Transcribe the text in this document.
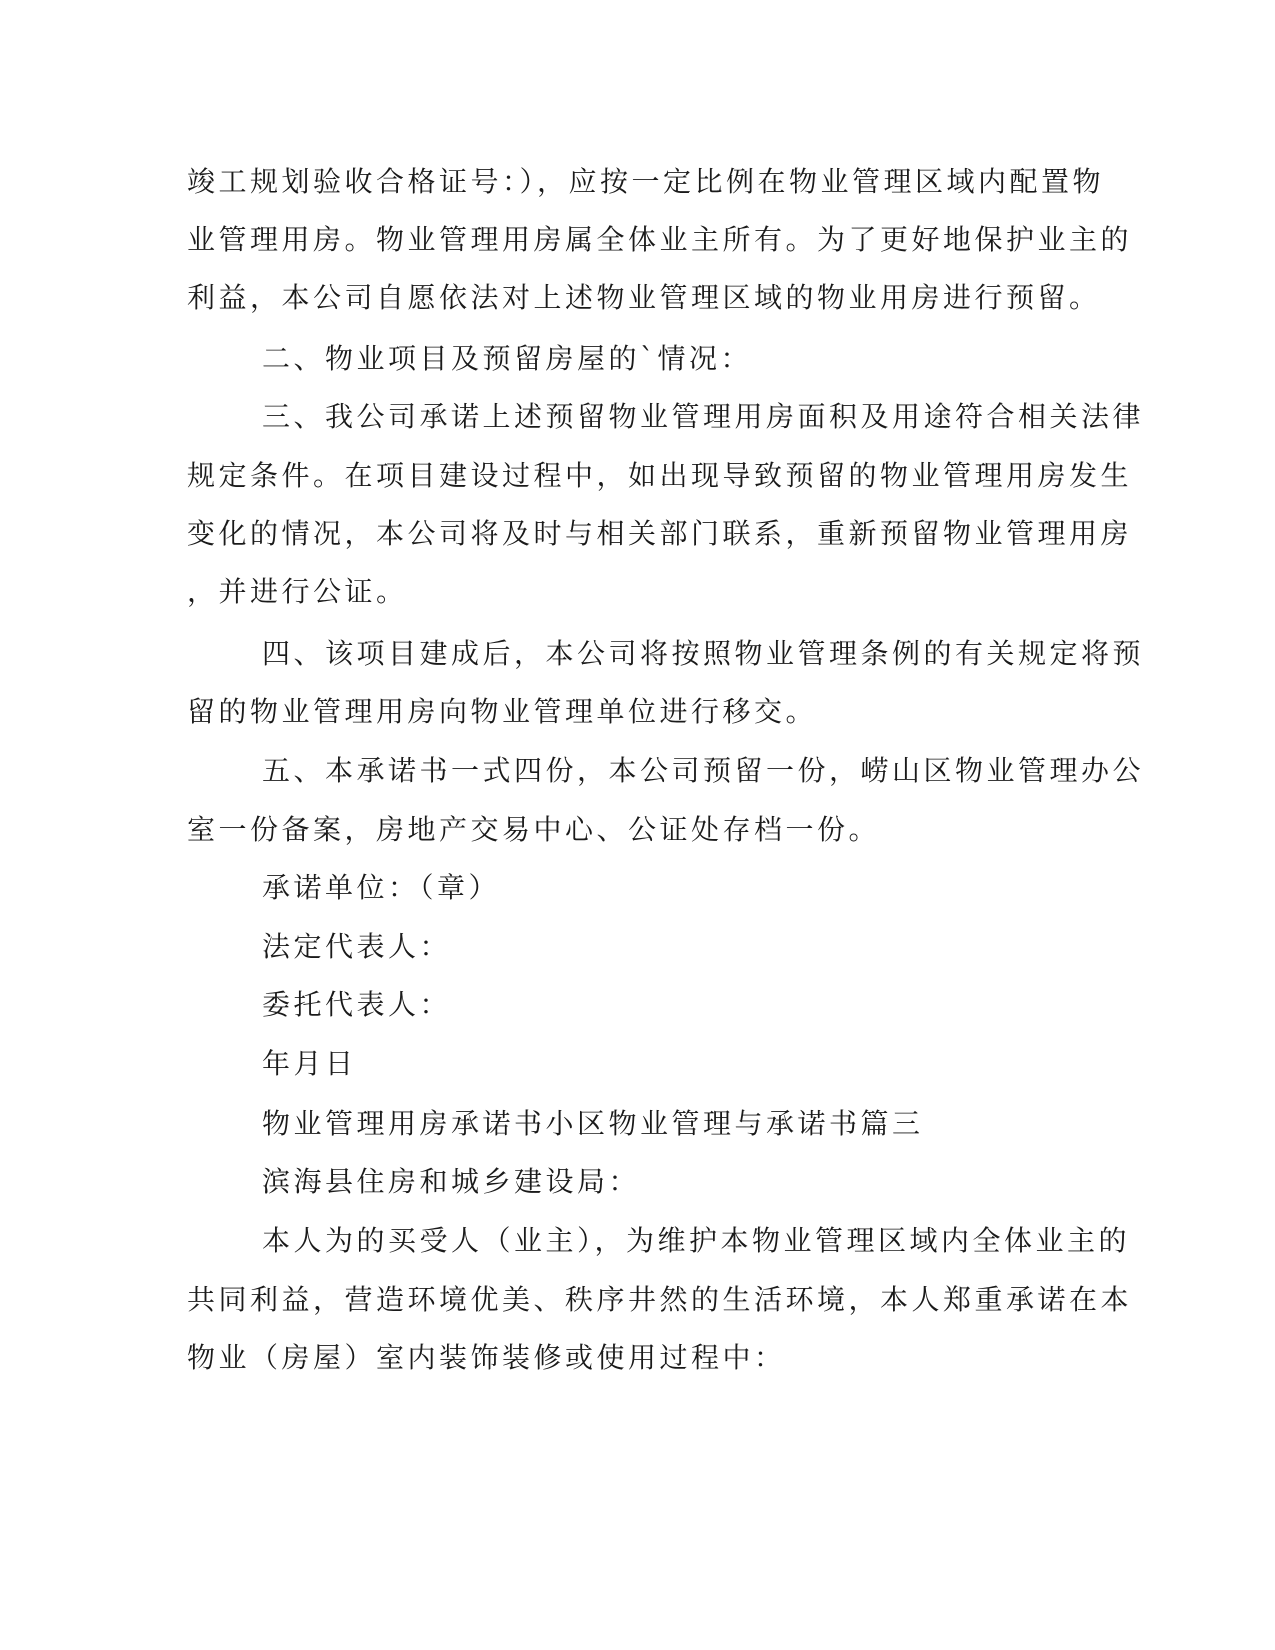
竣工规划验收合格证号：），应按一定比例在物业管理区域内配置物

业管理用房。物业管理用房属全体业主所有。为了更好地保护业主的

利益，本公司自愿依法对上述物业管理区域的物业用房进行预留。

二、物业项目及预留房屋的`情况：

三、我公司承诺上述预留物业管理用房面积及用途符合相关法律

规定条件。在项目建设过程中，如出现导致预留的物业管理用房发生

变化的情况，本公司将及时与相关部门联系，重新预留物业管理用房

，并进行公证。

四、该项目建成后，本公司将按照物业管理条例的有关规定将预

留的物业管理用房向物业管理单位进行移交。

五、本承诺书一式四份，本公司预留一份，崂山区物业管理办公

室一份备案，房地产交易中心、公证处存档一份。

承诺单位：（章）

法定代表人：

委托代表人：

年月日

物业管理用房承诺书小区物业管理与承诺书篇三

滨海县住房和城乡建设局：

本人为的买受人（业主），为维护本物业管理区域内全体业主的

共同利益，营造环境优美、秩序井然的生活环境，本人郑重承诺在本

物业（房屋）室内装饰装修或使用过程中：
